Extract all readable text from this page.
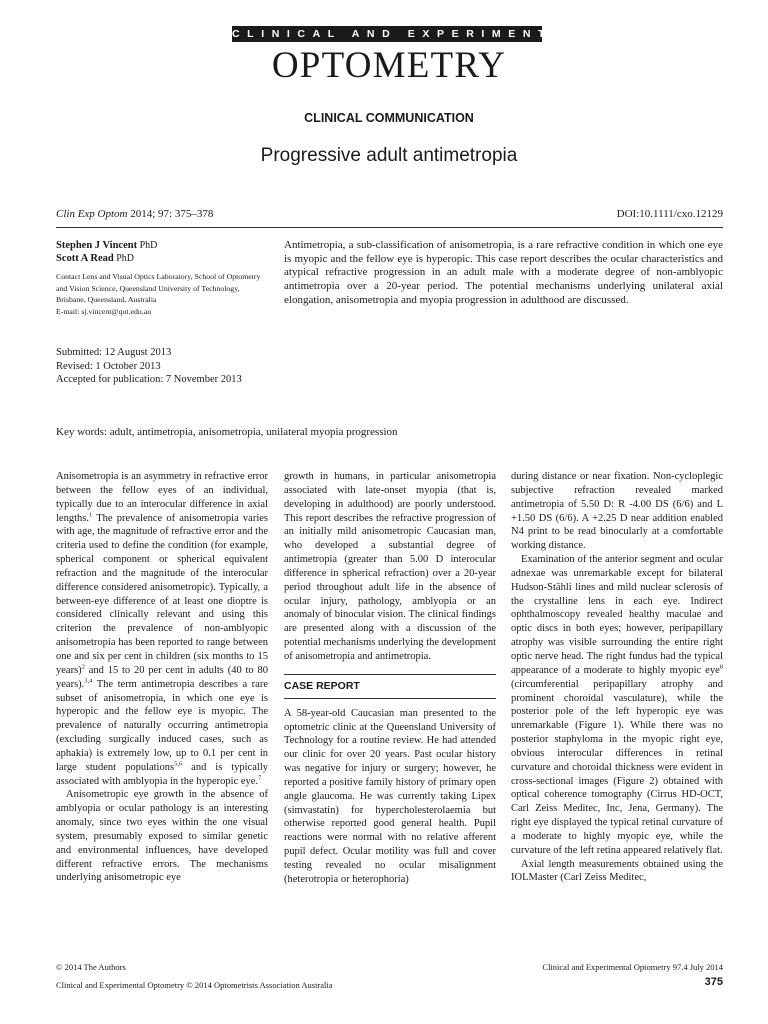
CLINICAL AND EXPERIMENTAL
OPTOMETRY
CLINICAL COMMUNICATION
Progressive adult antimetropia
Clin Exp Optom 2014; 97: 375–378	DOI:10.1111/cxo.12129
Stephen J Vincent PhD
Scott A Read PhD
Contact Lens and Visual Optics Laboratory, School of Optometry and Vision Science, Queensland University of Technology, Brisbane, Queensland, Australia
E-mail: sj.vincent@qut.edu.au
Submitted: 12 August 2013
Revised: 1 October 2013
Accepted for publication: 7 November 2013
Antimetropia, a sub-classification of anisometropia, is a rare refractive condition in which one eye is myopic and the fellow eye is hyperopic. This case report describes the ocular characteristics and atypical refractive progression in an adult male with a moderate degree of non-amblyopic antimetropia over a 20-year period. The potential mechanisms underlying unilateral axial elongation, anisometropia and myopia progression in adulthood are discussed.
Key words: adult, antimetropia, anisometropia, unilateral myopia progression

Anisometropia is an asymmetry in refractive error between the fellow eyes of an individual, typically due to an interocular difference in axial lengths.$^1$ The prevalence of anisometropia varies with age, the magnitude of refractive error and the criteria used to define the condition (for example, spherical component or spherical equivalent refraction and the magnitude of the interocular difference considered anisometropic). Typically, a between-eye difference of at least one dioptre is considered clinically relevant and using this criterion the prevalence of non-amblyopic anisometropia has been reported to range between one and six per cent in children (six months to 15 years)$^2$ and 15 to 20 per cent in adults (40 to 80 years).$^{3,4}$ The term antimetropia describes a rare subset of anisometropia, in which one eye is hyperopic and the fellow eye is myopic. The prevalence of naturally occurring antimetropia (excluding surgically induced cases, such as aphakia) is extremely low, up to 0.1 per cent in large student populations$^{5,6}$ and is typically associated with amblyopia in the hyperopic eye.$^7$

Anisometropic eye growth in the absence of amblyopia or ocular pathology is an interesting anomaly, since two eyes within the one visual system, presumably exposed to similar genetic and environmental influences, have developed different refractive errors. The mechanisms underlying anisometropic eye

growth in humans, in particular anisometropia associated with late-onset myopia (that is, developing in adulthood) are poorly understood. This report describes the refractive progression of an initially mild anisometropic Caucasian man, who developed a substantial degree of antimetropia (greater than 5.00 D interocular difference in spherical refraction) over a 20-year period throughout adult life in the absence of ocular injury, pathology, amblyopia or an anomaly of binocular vision. The clinical findings are presented along with a discussion of the potential mechanisms underlying the development of anisometropia and antimetropia.

CASE REPORT

A 58-year-old Caucasian man presented to the optometric clinic at the Queensland University of Technology for a routine review. He had attended our clinic for over 20 years. Past ocular history was negative for injury or surgery; however, he reported a positive family history of primary open angle glaucoma. He was currently taking Lipex (simvastatin) for hypercholesterolaemia but otherwise reported good general health. Pupil reactions were normal with no relative afferent pupil defect. Ocular motility was full and cover testing revealed no ocular misalignment (heterotropia or heterophoria)

during distance or near fixation. Non-cycloplegic subjective refraction revealed marked antimetropia of 5.50 D: R -4.00 DS (6/6) and L +1.50 DS (6/6). A +2.25 D near addition enabled N4 print to be read binocularly at a comfortable working distance.

Examination of the anterior segment and ocular adnexae was unremarkable except for bilateral Hudson-Stähli lines and mild nuclear sclerosis of the crystalline lens in each eye. Indirect ophthalmoscopy revealed healthy maculae and optic discs in both eyes; however, peripapillary atrophy was visible surrounding the entire right optic nerve head. The right fundus had the typical appearance of a moderate to highly myopic eye$^8$ (circumferential peripapillary atrophy and prominent choroidal vasculature), while the posterior pole of the left hyperopic eye was unremarkable (Figure 1). While there was no posterior staphyloma in the myopic right eye, obvious interocular differences in retinal curvature and choroidal thickness were evident in cross-sectional images (Figure 2) obtained with optical coherence tomography (Cirrus HD-OCT, Carl Zeiss Meditec, Inc, Jena, Germany). The right eye displayed the typical retinal curvature of a moderate to highly myopic eye, while the curvature of the left retina appeared relatively flat.

Axial length measurements obtained using the IOLMaster (Carl Zeiss Meditec,

© 2014 The Authors
Clinical and Experimental Optometry © 2014 Optometrists Association Australia
Clinical and Experimental Optometry 97.4 July 2014
375
